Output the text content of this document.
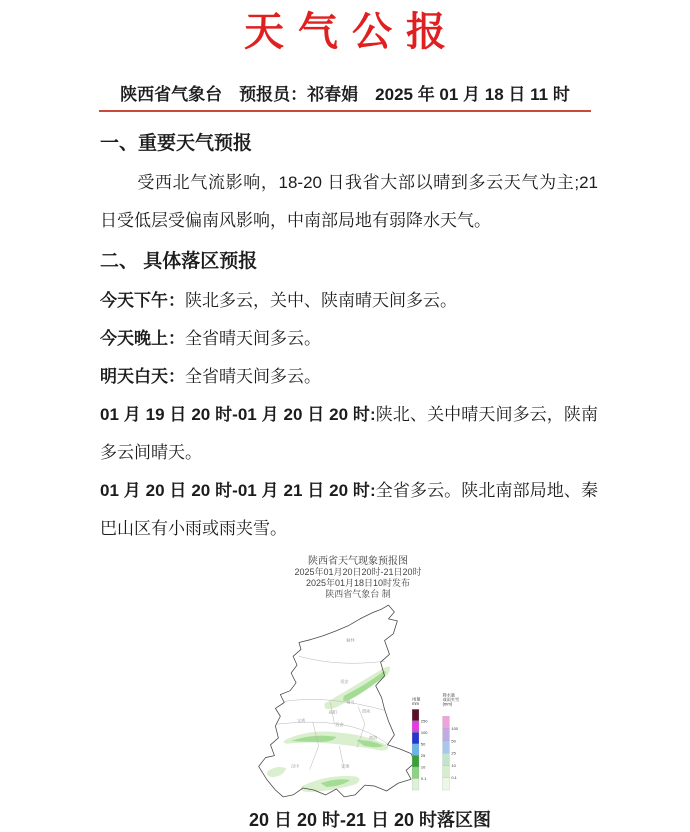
天气公报
陕西省气象台　预报员：祁春娟　2025 年 01 月 18 日 11 时
一、重要天气预报

受西北气流影响，18-20 日我省大部以晴到多云天气为主;21 日受低层受偏南风影响，中南部局地有弱降水天气。

二、 具体落区预报

今天下午：陕北多云，关中、陕南晴天间多云。

今天晚上：全省晴天间多云。

明天白天：全省晴天间多云。

01 月 19 日 20 时-01 月 20 日 20 时:陕北、关中晴天间多云，陕南多云间晴天。

01 月 20 日 20 时-01 月 21 日 20 时:全省多云。陕北南部局地、秦巴山区有小雨或雨夹雪。

陕西省天气现象预报图
2025年01月20日20时-21日20时
2025年01月18日10时发布
陕西省气象台 制
榆林
延安
铜川
渭南
咸阳
西安
宝鸡
商洛
安康
汉中
雨量
mm
250
100
50
25
10
0.1
降水量
或雨夹雪
(mm)
100
50
25
10
0.1

20 日 20 时-21 日 20 时落区图
